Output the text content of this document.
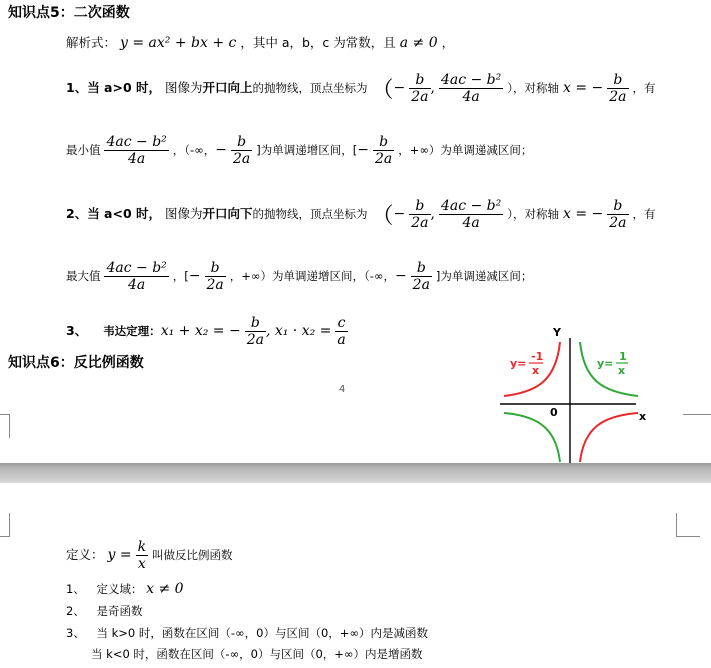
知识点5：二次函数
解析式： y = ax² + bx + c ，其中 a，b，c 为常数，且 a ≠ 0 ，
1、当 a>0 时， 图像为开口向上的抛物线，顶点坐标为 （− $\frac{b}{2a}$ , $\frac{\text{4ac − b²}}{4a}$ ），对称轴 x = − $\frac{b}{2a}$ ，有
最小值 $\frac{\text{4ac − b²}}{4a}$ ，（-∞，− $\frac{b}{2a}$ ]为单调递增区间，[− $\frac{b}{2a}$ ，+∞）为单调递减区间；
2、当 a<0 时， 图像为开口向下的抛物线，顶点坐标为 （− $\frac{b}{2a}$ , $\frac{\text{4ac − b²}}{4a}$ ），对称轴 x = − $\frac{b}{2a}$ ，有
最大值 $\frac{\text{4ac − b²}}{4a}$ ，[− $\frac{b}{2a}$ ，+∞）为单调递增区间，（-∞，− $\frac{b}{2a}$ ]为单调递减区间；
3、 韦达定理：x₁ + x₂ = − $\frac{b}{2a}$ , $x_1 \cdot x_2 = \frac{c}{a}$
知识点6：反比例函数
4
Y
x
0
y=
-1
x
y=
1
x
定义： $y = \frac{k}{x}$ 叫做反比例函数
1、 定义域： x ≠ 0
2、 是奇函数
3、 当 k>0 时，函数在区间（-∞，0）与区间（0，+∞）内是减函数
当 k<0 时，函数在区间（-∞，0）与区间（0，+∞）内是增函数
